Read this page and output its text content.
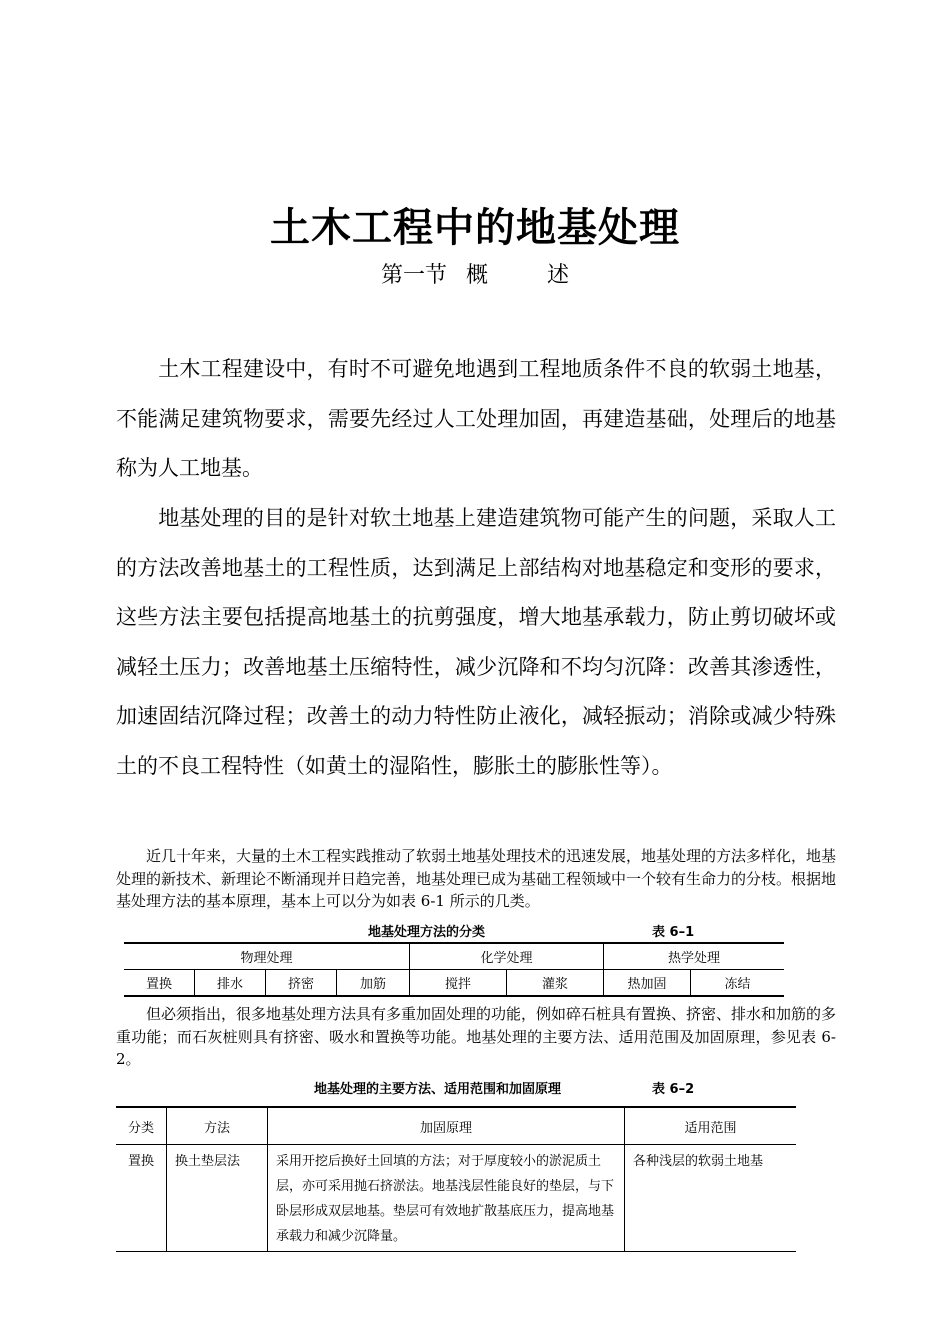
土木工程中的地基处理
第一节 概	述

土木工程建设中，有时不可避免地遇到工程地质条件不良的软弱土地基，不能满足建筑物要求，需要先经过人工处理加固，再建造基础，处理后的地基称为人工地基。

地基处理的目的是针对软土地基上建造建筑物可能产生的问题，采取人工的方法改善地基土的工程性质，达到满足上部结构对地基稳定和变形的要求，这些方法主要包括提高地基土的抗剪强度，增大地基承载力，防止剪切破坏或减轻土压力；改善地基土压缩特性，减少沉降和不均匀沉降：改善其渗透性，加速固结沉降过程；改善土的动力特性防止液化，减轻振动；消除或减少特殊土的不良工程特性（如黄土的湿陷性，膨胀土的膨胀性等）。

近几十年来，大量的土木工程实践推动了软弱土地基处理技术的迅速发展，地基处理的方法多样化，地基处理的新技术、新理论不断涌现并日趋完善，地基处理已成为基础工程领域中一个较有生命力的分枝。根据地基处理方法的基本原理，基本上可以分为如表 6-1 所示的几类。

地基处理方法的分类	表 6–1
物理处理				化学处理		热学处理	
置换	排水	挤密	加筋	搅拌	灌浆	热加固	冻结

但必须指出，很多地基处理方法具有多重加固处理的功能，例如碎石桩具有置换、挤密、排水和加筋的多重功能；而石灰桩则具有挤密、吸水和置换等功能。地基处理的主要方法、适用范围及加固原理，参见表 6-2。

地基处理的主要方法、适用范围和加固原理	表 6–2
分类	方法	加固原理	适用范围
置换	换土垫层法	采用开挖后换好土回填的方法；对于厚度较小的淤泥质土层，亦可采用抛石挤淤法。地基浅层性能良好的垫层，与下卧层形成双层地基。垫层可有效地扩散基底压力，提高地基承载力和减少沉降量。	各种浅层的软弱土地基
